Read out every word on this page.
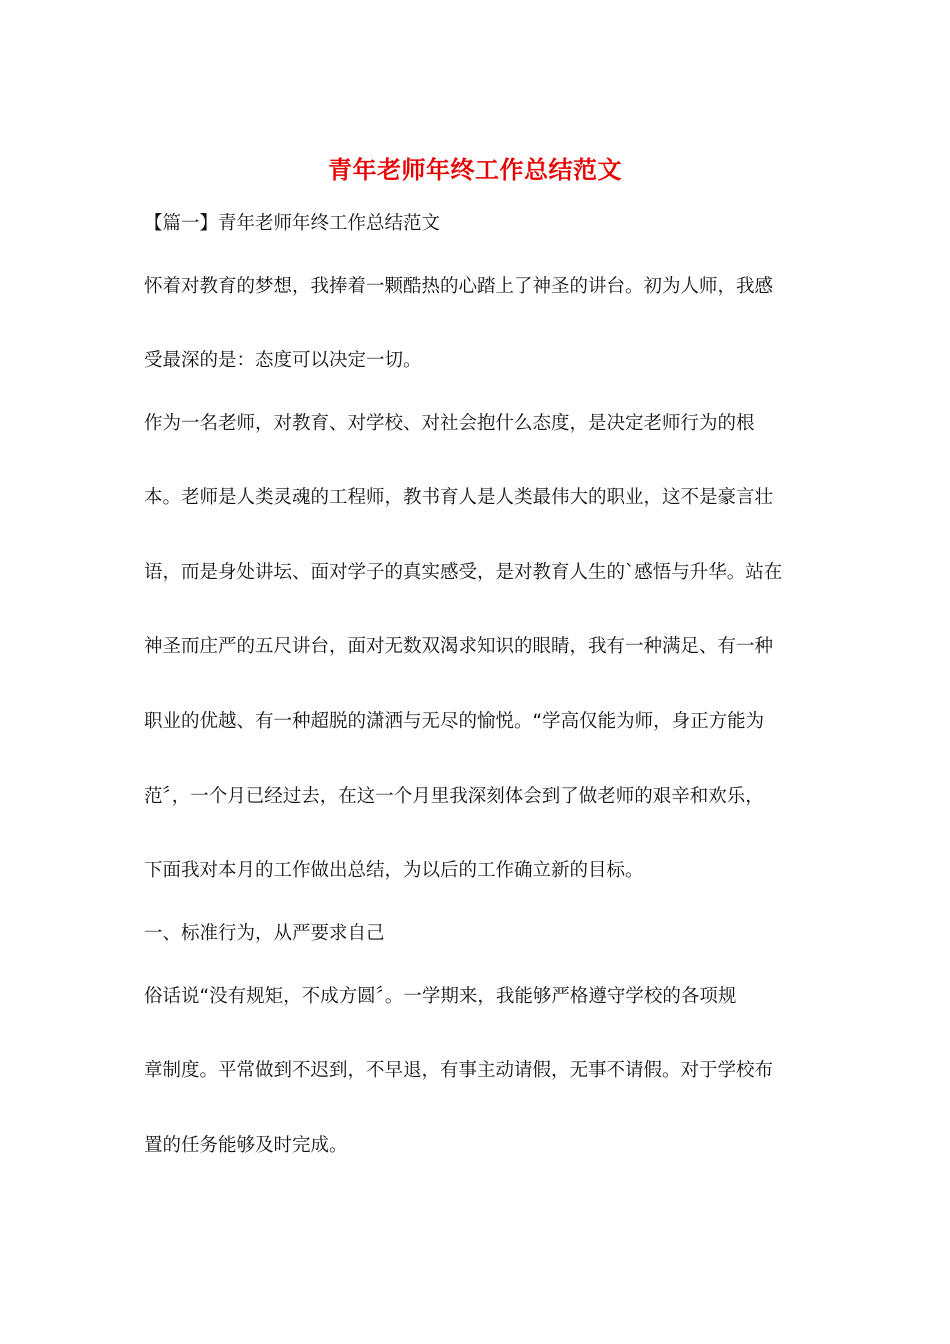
青年老师年终工作总结范文
【篇一】青年老师年终工作总结范文
怀着对教育的梦想，我捧着一颗酷热的心踏上了神圣的讲台。初为人师，我感
受最深的是：态度可以决定一切。
作为一名老师，对教育、对学校、对社会抱什么态度，是决定老师行为的根
本。老师是人类灵魂的工程师，教书育人是人类最伟大的职业，这不是豪言壮
语，而是身处讲坛、面对学子的真实感受，是对教育人生的`感悟与升华。站在
神圣而庄严的五尺讲台，面对无数双渴求知识的眼睛，我有一种满足、有一种
职业的优越、有一种超脱的潇洒与无尽的愉悦。“学高仅能为师，身正方能为
范〞，一个月已经过去，在这一个月里我深刻体会到了做老师的艰辛和欢乐，
下面我对本月的工作做出总结，为以后的工作确立新的目标。
一、标准行为，从严要求自己
俗话说“没有规矩，不成方圆〞。一学期来，我能够严格遵守学校的各项规
章制度。平常做到不迟到，不早退，有事主动请假，无事不请假。对于学校布
置的任务能够及时完成。
